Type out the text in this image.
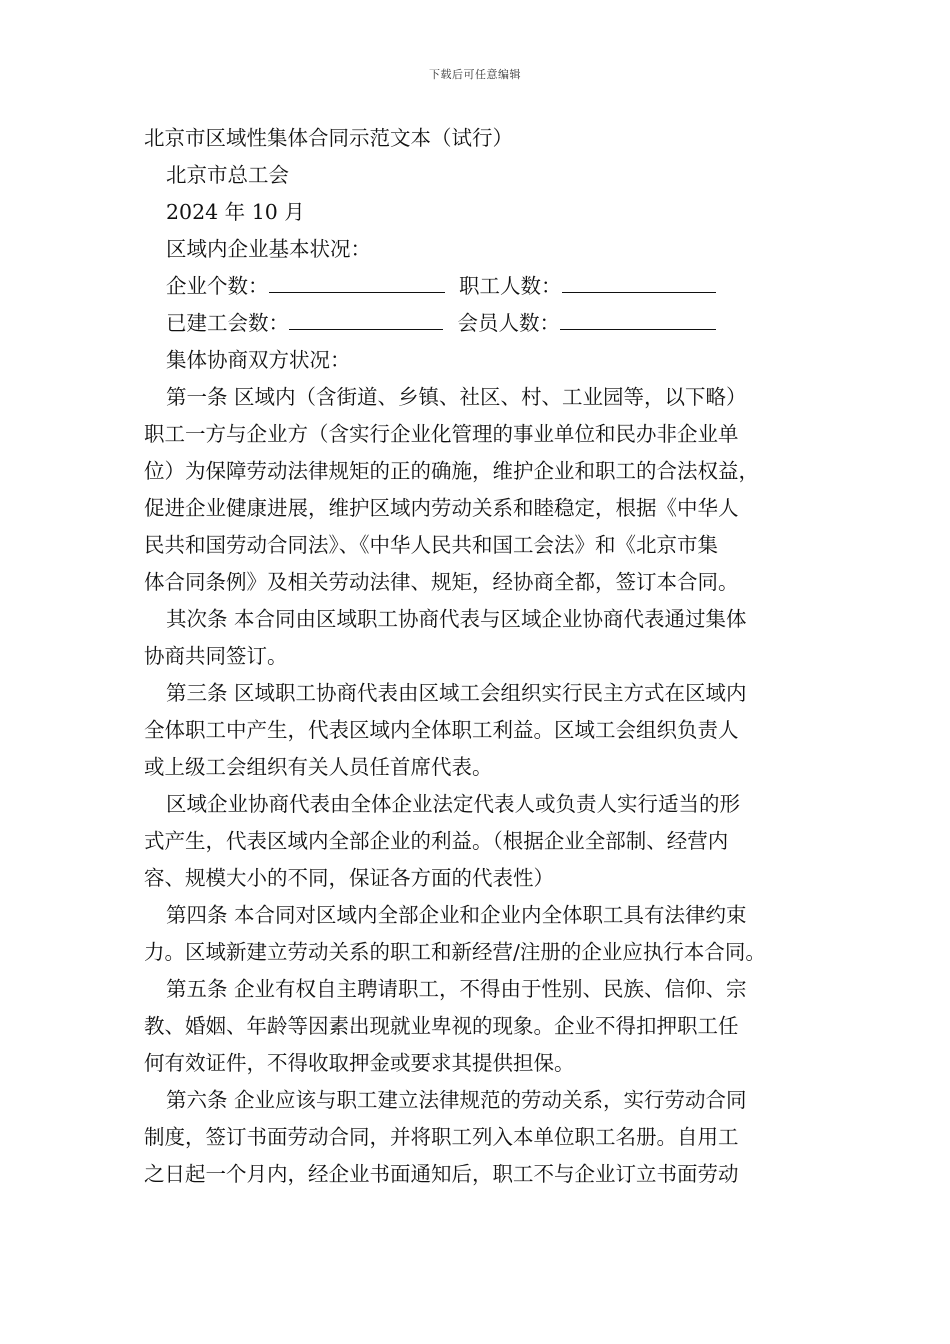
下载后可任意编辑
北京市区域性集体合同示范文本（试行）
北京市总工会
2024 年 10 月
区域内企业基本状况：
企业个数：	职工人数：
已建工会数：	会员人数：
集体协商双方状况：
第一条 区域内（含街道、乡镇、社区、村、工业园等，以下略）
职工一方与企业方（含实行企业化管理的事业单位和民办非企业单
位）为保障劳动法律规矩的正的确施，维护企业和职工的合法权益，
促进企业健康进展，维护区域内劳动关系和睦稳定，根据《中华人
民共和国劳动合同法》、《中华人民共和国工会法》和《北京市集
体合同条例》及相关劳动法律、规矩，经协商全都，签订本合同。
其次条 本合同由区域职工协商代表与区域企业协商代表通过集体
协商共同签订。
第三条 区域职工协商代表由区域工会组织实行民主方式在区域内
全体职工中产生，代表区域内全体职工利益。区域工会组织负责人
或上级工会组织有关人员任首席代表。
区域企业协商代表由全体企业法定代表人或负责人实行适当的形
式产生，代表区域内全部企业的利益。（根据企业全部制、经营内
容、规模大小的不同，保证各方面的代表性）
第四条 本合同对区域内全部企业和企业内全体职工具有法律约束
力。区域新建立劳动关系的职工和新经营/注册的企业应执行本合同。
第五条 企业有权自主聘请职工，不得由于性别、民族、信仰、宗
教、婚姻、年龄等因素出现就业卑视的现象。企业不得扣押职工任
何有效证件，不得收取押金或要求其提供担保。
第六条 企业应该与职工建立法律规范的劳动关系，实行劳动合同
制度，签订书面劳动合同，并将职工列入本单位职工名册。自用工
之日起一个月内，经企业书面通知后，职工不与企业订立书面劳动
